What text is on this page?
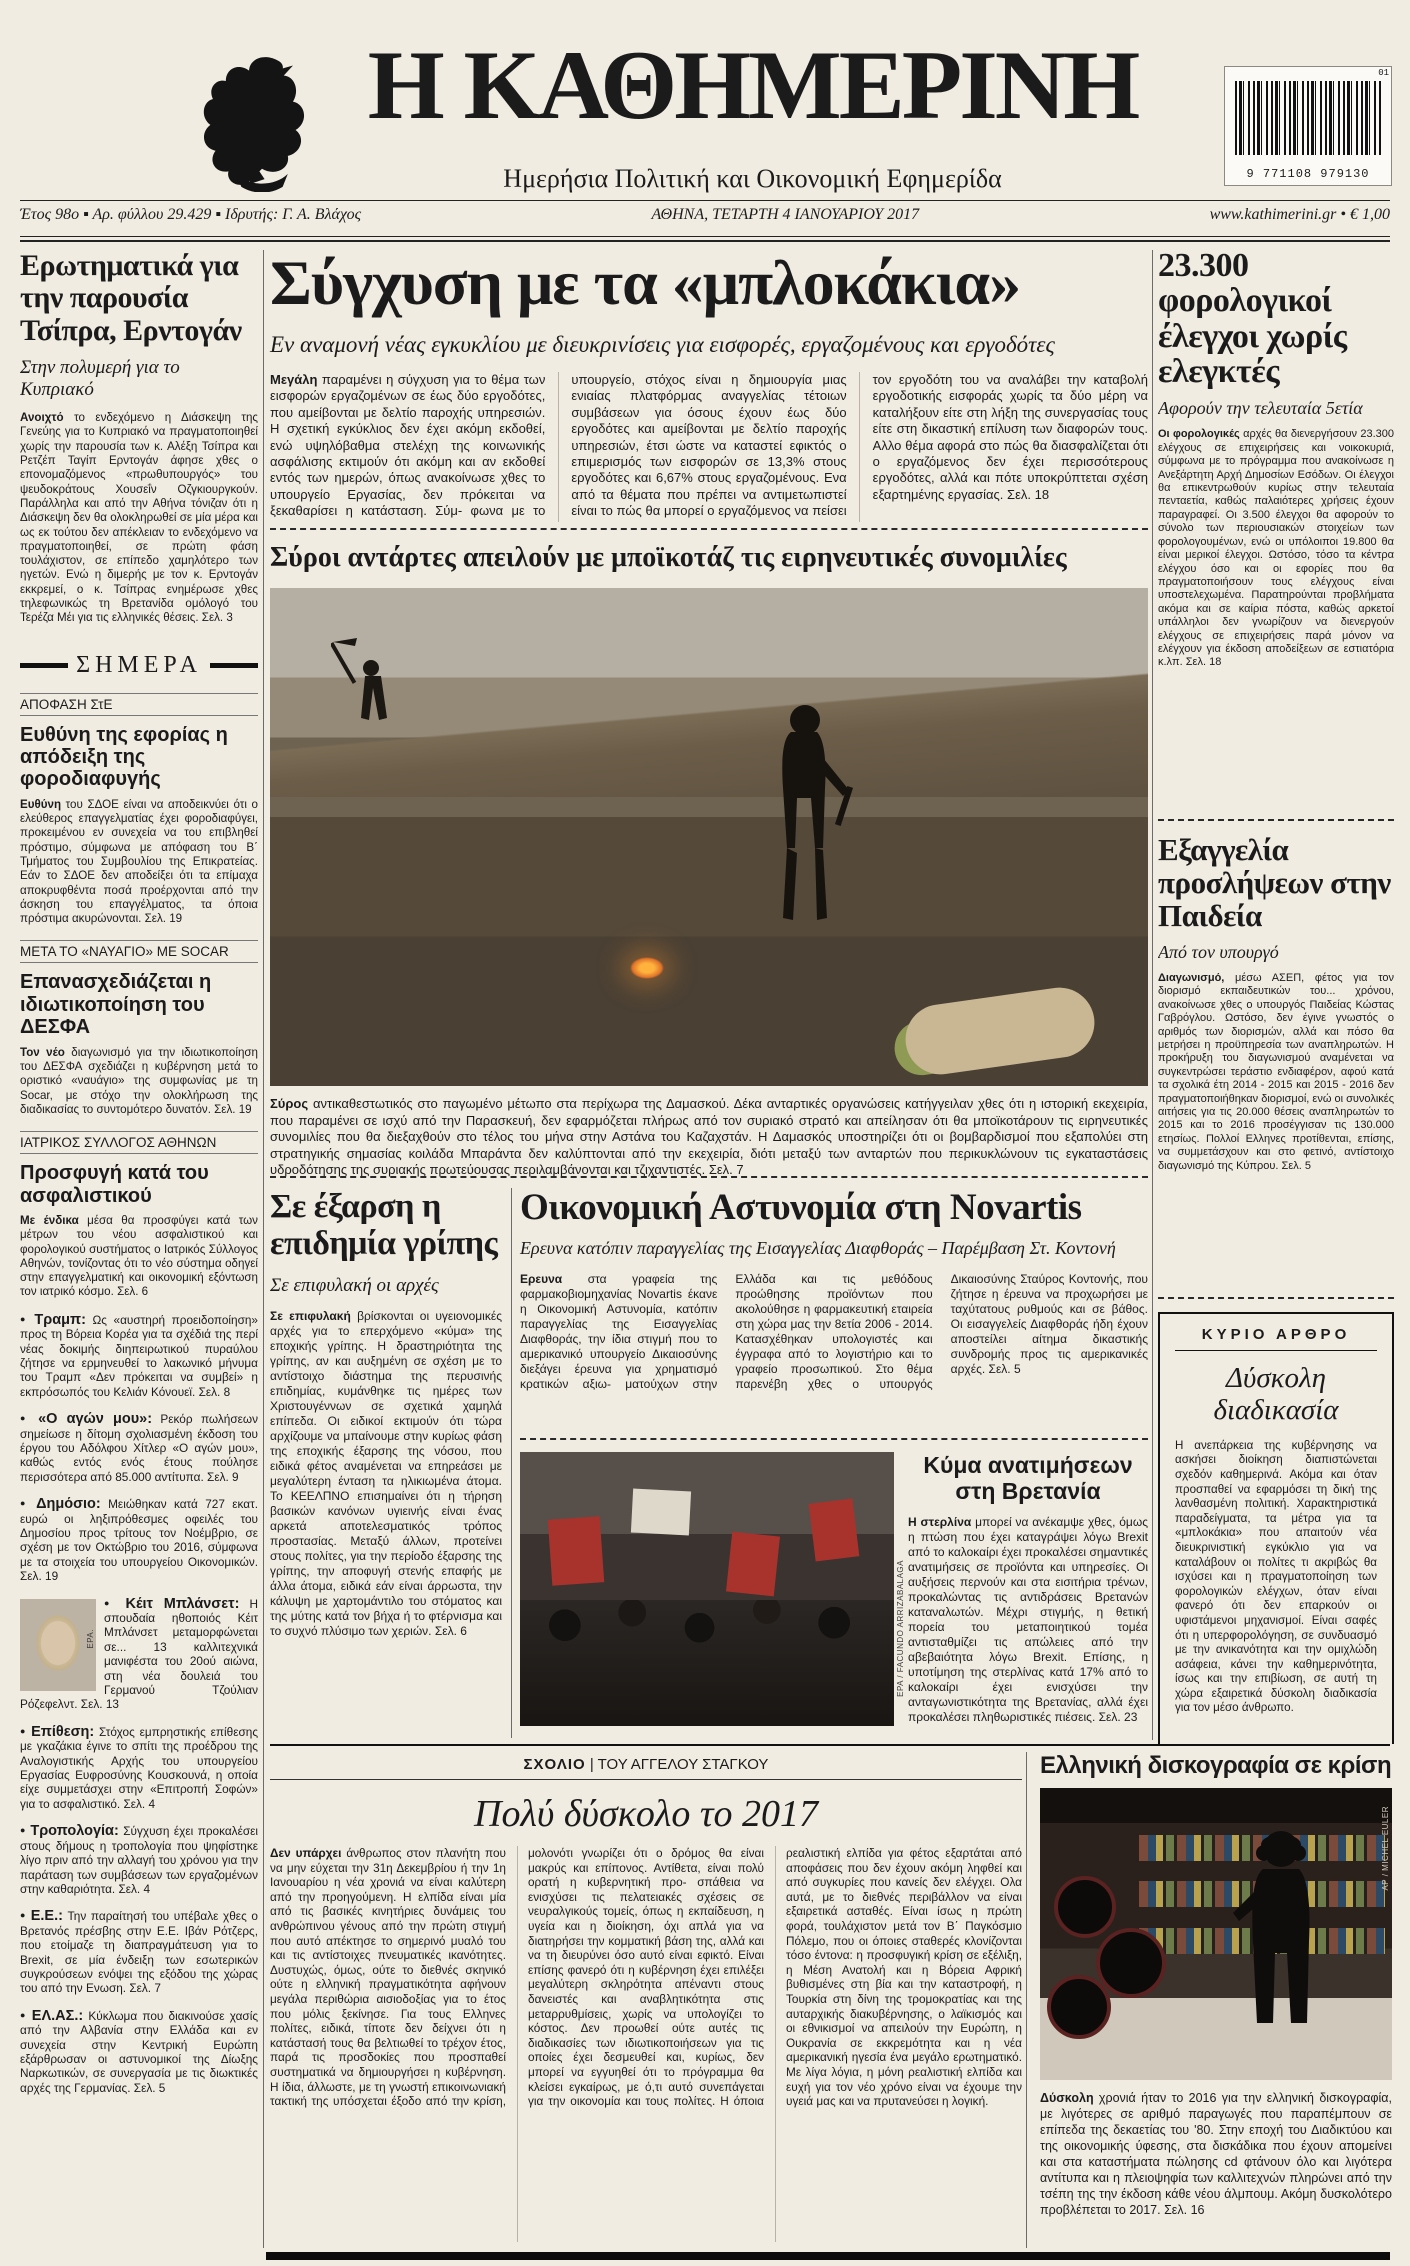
Η ΚΑΘΗΜΕΡΙΝΗ
Ημερήσια Πολιτική και Οικονομική Εφημερίδα
01
9 771108 979130
Έτος 98ο ▪ Αρ. φύλλου 29.429 ▪ Ιδρυτής: Γ. Α. Βλάχος	ΑΘΗΝΑ, ΤΕΤΑΡΤΗ 4 ΙΑΝΟΥΑΡΙΟΥ 2017	www.kathimerini.gr • € 1,00
Ερωτηματικά για την παρουσία Τσίπρα, Ερντογάν
Στην πολυμερή για το Κυπριακό
Ανοιχτό το ενδεχόμενο η Διάσκεψη της Γενεύης για το Κυπριακό να πραγματοποιηθεί χωρίς την παρουσία των κ. Αλέξη Τσίπρα και Ρετζέπ Ταγίπ Ερντογάν άφησε χθες ο επονομαζόμενος «πρωθυπουργός» του ψευδοκράτους Χουσεΐν Οζγκιουργκούν. Παράλληλα και από την Αθήνα τόνιζαν ότι η Διάσκεψη δεν θα ολοκληρωθεί σε μία μέρα και ως εκ τούτου δεν απέκλειαν το ενδεχόμενο να πραγματοποιηθεί, σε πρώτη φάση τουλάχιστον, σε επίπεδο χαμηλότερο των ηγετών. Ενώ η διμερής με τον κ. Ερντογάν εκκρεμεί, ο κ. Τσίπρας ενημέρωσε χθες τηλεφωνικώς τη Βρετανίδα ομόλογό του Τερέζα Μέι για τις ελληνικές θέσεις. Σελ. 3
ΣΗΜΕΡΑ
ΑΠΟΦΑΣΗ ΣτΕ
Ευθύνη της εφορίας η απόδειξη της φοροδιαφυγής
Ευθύνη του ΣΔΟΕ είναι να αποδεικνύει ότι ο ελεύθερος επαγγελματίας έχει φοροδιαφύγει, προκειμένου εν συνεχεία να του επιβληθεί πρόστιμο, σύμφωνα με απόφαση του Β΄ Τμήματος του Συμβουλίου της Επικρατείας. Εάν το ΣΔΟΕ δεν αποδείξει ότι τα επίμαχα αποκρυφθέντα ποσά προέρχονται από την άσκηση του επαγγέλματος, τα όποια πρόστιμα ακυρώνονται. Σελ. 19
ΜΕΤΑ ΤΟ «ΝΑΥΑΓΙΟ» ΜΕ SOCAR
Επανασχεδιάζεται η ιδιωτικοποίηση του ΔΕΣΦΑ
Τον νέο διαγωνισμό για την ιδιωτικοποίηση του ΔΕΣΦΑ σχεδιάζει η κυβέρνηση μετά το οριστικό «ναυάγιο» της συμφωνίας με τη Socar, με στόχο την ολοκλήρωση της διαδικασίας το συντομότερο δυνατόν. Σελ. 19
ΙΑΤΡΙΚΟΣ ΣΥΛΛΟΓΟΣ ΑΘΗΝΩΝ
Προσφυγή κατά του ασφαλιστικού
Με ένδικα μέσα θα προσφύγει κατά των μέτρων του νέου ασφαλιστικού και φορολογικού συστήματος ο Ιατρικός Σύλλογος Αθηνών, τονίζοντας ότι το νέο σύστημα οδηγεί στην επαγγελματική και οικονομική εξόντωση τον ιατρικό κόσμο. Σελ. 6
● Τραμπ: Ως «αυστηρή προειδοποίηση» προς τη Βόρεια Κορέα για τα σχέδιά της περί νέας δοκιμής διηπειρωτικού πυραύλου ζήτησε να ερμηνευθεί το λακωνικό μήνυμα του Τραμπ «Δεν πρόκειται να συμβεί» η εκπρόσωπός του Κελιάν Κόνουεϊ. Σελ. 8
● «Ο αγών μου»: Ρεκόρ πωλήσεων σημείωσε η δίτομη σχολιασμένη έκδοση του έργου του Αδόλφου Χίτλερ «Ο αγών μου», καθώς εντός ενός έτους πούλησε περισσότερα από 85.000 αντίτυπα. Σελ. 9
● Δημόσιο: Μειώθηκαν κατά 727 εκατ. ευρώ οι ληξιπρόθεσμες οφειλές του Δημοσίου προς τρίτους τον Νοέμβριο, σε σχέση με τον Οκτώβριο του 2016, σύμφωνα με τα στοιχεία του υπουργείου Οικονομικών. Σελ. 19
ΕΡΑ.
● Κέιτ Μπλάνσετ: Η σπουδαία ηθοποιός Κέιτ Μπλάνσετ μεταμορφώνεται σε... 13 καλλιτεχνικά μανιφέστα του 20ού αιώνα, στη νέα δουλειά του Γερμανού Τζούλιαν Ρόζεφελντ. Σελ. 13
● Επίθεση: Στόχος εμπρηστικής επίθεσης με γκαζάκια έγινε το σπίτι της προέδρου της Αναλογιστικής Αρχής του υπουργείου Εργασίας Ευφροσύνης Κουσκουνά, η οποία είχε συμμετάσχει στην «Επιτροπή Σοφών» για το ασφαλιστικό. Σελ. 4
● Τροπολογία: Σύγχυση έχει προκαλέσει στους δήμους η τροπολογία που ψηφίστηκε λίγο πριν από την αλλαγή του χρόνου για την παράταση των συμβάσεων των εργαζομένων στην καθαριότητα. Σελ. 4
● Ε.Ε.: Την παραίτησή του υπέβαλε χθες ο Βρετανός πρέσβης στην Ε.Ε. Ιβάν Ρότζερς, που ετοίμαζε τη διαπραγμάτευση για το Brexit, σε μία ένδειξη των εσωτερικών συγκρούσεων ενόψει της εξόδου της χώρας του από την Ενωση. Σελ. 7
● ΕΛ.ΑΣ.: Κύκλωμα που διακινούσε χασίς από την Αλβανία στην Ελλάδα και εν συνεχεία στην Κεντρική Ευρώπη εξάρθρωσαν οι αστυνομικοί της Δίωξης Ναρκωτικών, σε συνεργασία με τις διωκτικές αρχές της Γερμανίας. Σελ. 5
Σύγχυση με τα «μπλοκάκια»
Εν αναμονή νέας εγκυκλίου με διευκρινίσεις για εισφορές, εργαζομένους και εργοδότες
Μεγάλη παραμένει η σύγχυση για το θέμα των εισφορών εργαζομένων σε έως δύο εργοδότες, που αμείβονται με δελτίο παροχής υπηρεσιών. Η σχετική εγκύκλιος δεν έχει ακόμη εκδοθεί, ενώ υψηλόβαθμα στελέχη της κοινωνικής ασφάλισης εκτιμούν ότι ακόμη και αν εκδοθεί εντός των ημερών, όπως ανακοίνωσε χθες το υπουργείο Εργασίας, δεν πρόκειται να ξεκαθαρίσει η κατάσταση. Σύμ- φωνα με το υπουργείο, στόχος είναι η δημιουργία μιας ενιαίας πλατφόρμας αναγγελίας τέτοιων συμβάσεων για όσους έχουν έως δύο εργοδότες και αμείβονται με δελτίο παροχής υπηρεσιών, έτσι ώστε να καταστεί εφικτός ο επιμερισμός των εισφορών σε 13,3% στους εργοδότες και 6,67% στους εργαζομένους. Ενα από τα θέματα που πρέπει να αντιμετωπιστεί είναι το πώς θα μπορεί ο εργαζόμενος να πείσει τον εργοδότη του να αναλάβει την καταβολή εργοδοτικής εισφοράς χωρίς τα δύο μέρη να καταλήξουν είτε στη λήξη της συνεργασίας τους είτε στη δικαστική επίλυση των διαφορών τους. Αλλο θέμα αφορά στο πώς θα διασφαλίζεται ότι ο εργαζόμενος δεν έχει περισσότερους εργοδότες, αλλά και πότε υποκρύπτεται σχέση εξαρτημένης εργασίας. Σελ. 18
Σύροι αντάρτες απειλούν με μποϊκοτάζ τις ειρηνευτικές συνομιλίες
Σύρος αντικαθεστωτικός στο παγωμένο μέτωπο στα περίχωρα της Δαμασκού. Δέκα ανταρτικές οργανώσεις κατήγγειλαν χθες ότι η ιστορική εκεχειρία, που παραμένει σε ισχύ από την Παρασκευή, δεν εφαρμόζεται πλήρως από τον συριακό στρατό και απείλησαν ότι θα μποϊκοτάρουν τις ειρηνευτικές συνομιλίες που θα διεξαχθούν στο τέλος του μήνα στην Αστάνα του Καζαχστάν. Η Δαμασκός υποστηρίζει ότι οι βομβαρδισμοί που εξαπολύει στη στρατηγικής σημασίας κοιλάδα Μπαράντα δεν καλύπτονται από την εκεχειρία, διότι μεταξύ των ανταρτών που περικυκλώνουν τις εγκαταστάσεις υδροδότησης της συριακής πρωτεύουσας περιλαμβάνονται και τζιχαντιστές. Σελ. 7
Σε έξαρση η επιδημία γρίπης
Σε επιφυλακή οι αρχές
Σε επιφυλακή βρίσκονται οι υγειονομικές αρχές για το επερχόμενο «κύμα» της εποχικής γρίπης. Η δραστηριότητα της γρίπης, αν και αυξημένη σε σχέση με το αντίστοιχο διάστημα της περυσινής επιδημίας, κυμάνθηκε τις ημέρες των Χριστουγέννων σε σχετικά χαμηλά επίπεδα. Οι ειδικοί εκτιμούν ότι τώρα αρχίζουμε να μπαίνουμε στην κυρίως φάση της εποχικής έξαρσης της νόσου, που ειδικά φέτος αναμένεται να επηρεάσει με μεγαλύτερη ένταση τα ηλικιωμένα άτομα. Το ΚΕΕΛΠΝΟ επισημαίνει ότι η τήρηση βασικών κανόνων υγιεινής είναι ένας αρκετά αποτελεσματικός τρόπος προστασίας. Μεταξύ άλλων, προτείνει στους πολίτες, για την περίοδο έξαρσης της γρίπης, την αποφυγή στενής επαφής με άλλα άτομα, ειδικά εάν είναι άρρωστα, την κάλυψη με χαρτομάντιλο του στόματος και της μύτης κατά τον βήχα ή το φτέρνισμα και το συχνό πλύσιμο των χεριών. Σελ. 6
Οικονομική Αστυνομία στη Novartis
Ερευνα κατόπιν παραγγελίας της Εισαγγελίας Διαφθοράς – Παρέμβαση Στ. Κοντονή
Ερευνα στα γραφεία της φαρμακοβιομηχανίας Novartis έκανε η Οικονομική Αστυνομία, κατόπιν παραγγελίας της Εισαγγελίας Διαφθοράς, την ίδια στιγμή που το αμερικανικό υπουργείο Δικαιοσύνης διεξάγει έρευνα για χρηματισμό κρατικών αξιω- ματούχων στην Ελλάδα και τις μεθόδους προώθησης προϊόντων που ακολούθησε η φαρμακευτική εταιρεία στη χώρα μας την 8ετία 2006 - 2014. Κατασχέθηκαν υπολογιστές και έγγραφα από το λογιστήριο και το γραφείο προσωπικού. Στο θέμα παρενέβη χθες ο υπουργός Δικαιοσύνης Σταύρος Κοντονής, που ζήτησε η έρευνα να προχωρήσει με ταχύτατους ρυθμούς και σε βάθος. Οι εισαγγελείς Διαφθοράς ήδη έχουν αποστείλει αίτημα δικαστικής συνδρομής προς τις αμερικανικές αρχές. Σελ. 5
EPA / FACUNDO ARRIZABALAGA
Κύμα ανατιμήσεων στη Βρετανία
Η στερλίνα μπορεί να ανέκαμψε χθες, όμως η πτώση που έχει καταγράψει λόγω Brexit από το καλοκαίρι έχει προκαλέσει σημαντικές ανατιμήσεις σε προϊόντα και υπηρεσίες. Οι αυξήσεις περνούν και στα εισιτήρια τρένων, προκαλώντας τις αντιδράσεις Βρετανών καταναλωτών. Μέχρι στιγμής, η θετική πορεία του μεταποιητικού τομέα αντισταθμίζει τις απώλειες από την αβεβαιότητα λόγω Brexit. Επίσης, η υποτίμηση της στερλίνας κατά 17% από το καλοκαίρι έχει ενισχύσει την ανταγωνιστικότητα της Βρετανίας, αλλά έχει προκαλέσει πληθωριστικές πιέσεις. Σελ. 23
23.300 φορολογικοί έλεγχοι χωρίς ελεγκτές
Αφορούν την τελευταία 5ετία
Οι φορολογικές αρχές θα διενεργήσουν 23.300 ελέγχους σε επιχειρήσεις και νοικοκυριά, σύμφωνα με το πρόγραμμα που ανακοίνωσε η Ανεξάρτητη Αρχή Δημοσίων Εσόδων. Οι έλεγχοι θα επικεντρωθούν κυρίως στην τελευταία πενταετία, καθώς παλαιότερες χρήσεις έχουν παραγραφεί. Οι 3.500 έλεγχοι θα αφορούν το σύνολο των περιουσιακών στοιχείων των φορολογουμένων, ενώ οι υπόλοιποι 19.800 θα είναι μερικοί έλεγχοι. Ωστόσο, τόσο τα κέντρα ελέγχου όσο και οι εφορίες που θα πραγματοποιήσουν τους ελέγχους είναι υποστελεχωμένα. Παρατηρούνται προβλήματα ακόμα και σε καίρια πόστα, καθώς αρκετοί υπάλληλοι δεν γνωρίζουν να διενεργούν ελέγχους σε επιχειρήσεις παρά μόνον να ελέγχουν για έκδοση αποδείξεων σε εστιατόρια κ.λπ. Σελ. 18
Εξαγγελία προσλήψεων στην Παιδεία
Από τον υπουργό
Διαγωνισμό, μέσω ΑΣΕΠ, φέτος για τον διορισμό εκπαιδευτικών του... χρόνου, ανακοίνωσε χθες ο υπουργός Παιδείας Κώστας Γαβρόγλου. Ωστόσο, δεν έγινε γνωστός ο αριθμός των διορισμών, αλλά και πόσο θα μετρήσει η προϋπηρεσία των αναπληρωτών. Η προκήρυξη του διαγωνισμού αναμένεται να συγκεντρώσει τεράστιο ενδιαφέρον, αφού κατά τα σχολικά έτη 2014 - 2015 και 2015 - 2016 δεν πραγματοποιήθηκαν διορισμοί, ενώ οι συνολικές αιτήσεις για τις 20.000 θέσεις αναπληρωτών το 2015 και το 2016 προσέγγισαν τις 130.000 ετησίως. Πολλοί Ελληνες προτίθενται, επίσης, να συμμετάσχουν και στο φετινό, αντίστοιχο διαγωνισμό της Κύπρου. Σελ. 5
ΚΥΡΙΟ ΑΡΘΡΟ
Δύσκολη διαδικασία
Η ανεπάρκεια της κυβέρνησης να ασκήσει διοίκηση διαπιστώνεται σχεδόν καθημερινά. Ακόμα και όταν προσπαθεί να εφαρμόσει τη δική της λανθασμένη πολιτική. Χαρακτηριστικά παραδείγματα, τα μέτρα για τα «μπλοκάκια» που απαιτούν νέα διευκρινιστική εγκύκλιο για να καταλάβουν οι πολίτες τι ακριβώς θα ισχύσει και η πραγματοποίηση των φορολογικών ελέγχων, όταν είναι φανερό ότι δεν επαρκούν οι υφιστάμενοι μηχανισμοί. Είναι σαφές ότι η υπερφορολόγηση, σε συνδυασμό με την ανικανότητα και την ομιχλώδη ασάφεια, κάνει την καθημερινότητα, ίσως και την επιβίωση, σε αυτή τη χώρα εξαιρετικά δύσκολη διαδικασία για τον μέσο άνθρωπο.
ΣΧΟΛΙΟ | ΤΟΥ ΑΓΓΕΛΟΥ ΣΤΑΓΚΟΥ
Πολύ δύσκολο το 2017
Δεν υπάρχει άνθρωπος στον πλανήτη που να μην εύχεται την 31η Δεκεμβρίου ή την 1η Ιανουαρίου η νέα χρονιά να είναι καλύτερη από την προηγούμενη. Η ελπίδα είναι μία από τις βασικές κινητήριες δυνάμεις του ανθρώπινου γένους από την πρώτη στιγμή που αυτό απέκτησε το σημερινό μυαλό του και τις αντίστοιχες πνευματικές ικανότητες. Δυστυχώς, όμως, ούτε το διεθνές σκηνικό ούτε η ελληνική πραγματικότητα αφήνουν μεγάλα περιθώρια αισιοδοξίας για το έτος που μόλις ξεκίνησε. Για τους Ελληνες πολίτες, ειδικά, τίποτε δεν δείχνει ότι η κατάστασή τους θα βελτιωθεί το τρέχον έτος, παρά τις προσδοκίες που προσπαθεί συστηματικά να δημιουργήσει η κυβέρνηση. Η ίδια, άλλωστε, με τη γνωστή επικοινωνιακή τακτική της υπόσχεται έξοδο από την κρίση, μολονότι γνωρίζει ότι ο δρόμος θα είναι μακρύς και επίπονος. Αντίθετα, είναι πολύ ορατή η κυβερνητική προ- σπάθεια να ενισχύσει τις πελατειακές σχέσεις σε νευραλγικούς τομείς, όπως η εκπαίδευση, η υγεία και η διοίκηση, όχι απλά για να διατηρήσει την κομματική βάση της, αλλά και να τη διευρύνει όσο αυτό είναι εφικτό. Είναι επίσης φανερό ότι η κυβέρνηση έχει επιλέξει μεγαλύτερη σκληρότητα απέναντι στους δανειστές και αναβλητικότητα στις μεταρρυθμίσεις, χωρίς να υπολογίζει το κόστος. Δεν προωθεί ούτε αυτές τις διαδικασίες των ιδιωτικοποιήσεων για τις οποίες έχει δεσμευθεί και, κυρίως, δεν μπορεί να εγγυηθεί ότι το πρόγραμμα θα κλείσει εγκαίρως, με ό,τι αυτό συνεπάγεται για την οικονομία και τους πολίτες. Η όποια ρεαλιστική ελπίδα για φέτος εξαρτάται από αποφάσεις που δεν έχουν ακόμη ληφθεί και από συγκυρίες που κανείς δεν ελέγχει. Ολα αυτά, με το διεθνές περιβάλλον να είναι εξαιρετικά ασταθές. Είναι ίσως η πρώτη φορά, τουλάχιστον μετά τον Β΄ Παγκόσμιο Πόλεμο, που οι όποιες σταθερές κλονίζονται τόσο έντονα: η προσφυγική κρίση σε εξέλιξη, η Μέση Ανατολή και η Βόρεια Αφρική βυθισμένες στη βία και την καταστροφή, η Τουρκία στη δίνη της τρομοκρατίας και της αυταρχικής διακυβέρνησης, ο λαϊκισμός και οι εθνικισμοί να απειλούν την Ευρώπη, η Ουκρανία σε εκκρεμότητα και η νέα αμερικανική ηγεσία ένα μεγάλο ερωτηματικό. Με λίγα λόγια, η μόνη ρεαλιστική ελπίδα και ευχή για τον νέο χρόνο είναι να έχουμε την υγειά μας και να πρυτανεύσει η λογική.
Ελληνική δισκογραφία σε κρίση
AP / MICHEL EULER
Δύσκολη χρονιά ήταν το 2016 για την ελληνική δισκογραφία, με λιγότερες σε αριθμό παραγωγές που παραπέμπουν σε επίπεδα της δεκαετίας του '80. Στην εποχή του Διαδικτύου και της οικονομικής ύφεσης, στα δισκάδικα που έχουν απομείνει και στα καταστήματα πώλησης cd φτάνουν όλο και λιγότερα αντίτυπα και η πλειοψηφία των καλλιτεχνών πληρώνει από την τσέπη της την έκδοση κάθε νέου άλμπουμ. Ακόμη δυσκολότερο προβλέπεται το 2017. Σελ. 16
